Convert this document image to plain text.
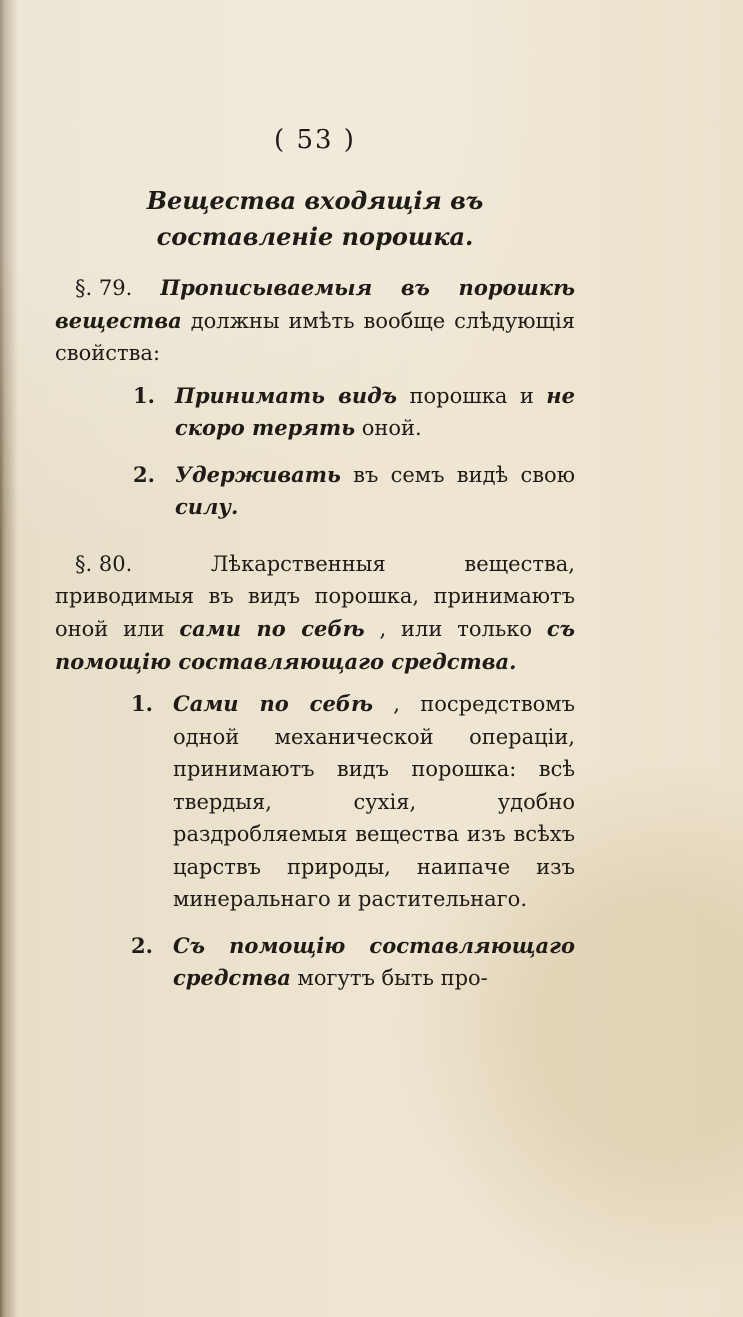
( 53 )
Вещества входящія въ составленіе порошка.
§. 79. Прописываемыя въ порошкѣ вещества должны имѣть вообще слѣдующія свойства:
1. Принимать видъ порошка и не скоро терять оной.
2. Удерживать въ семъ видѣ свою силу.
§. 80.	Лѣкарственныя вещества, приводимыя въ видъ порошка, принимаютъ оной или сами по себѣ , или только съ помощію составляющаго средства.
1. Сами по себѣ , посредствомъ одной механической операціи, принимаютъ видъ порошка: всѣ твердыя, сухія, удобно раздробляемыя вещества изъ всѣхъ царствъ природы, наипаче изъ минеральнаго и растительнаго.
2. Съ помощію составляющаго средства могутъ быть про-
